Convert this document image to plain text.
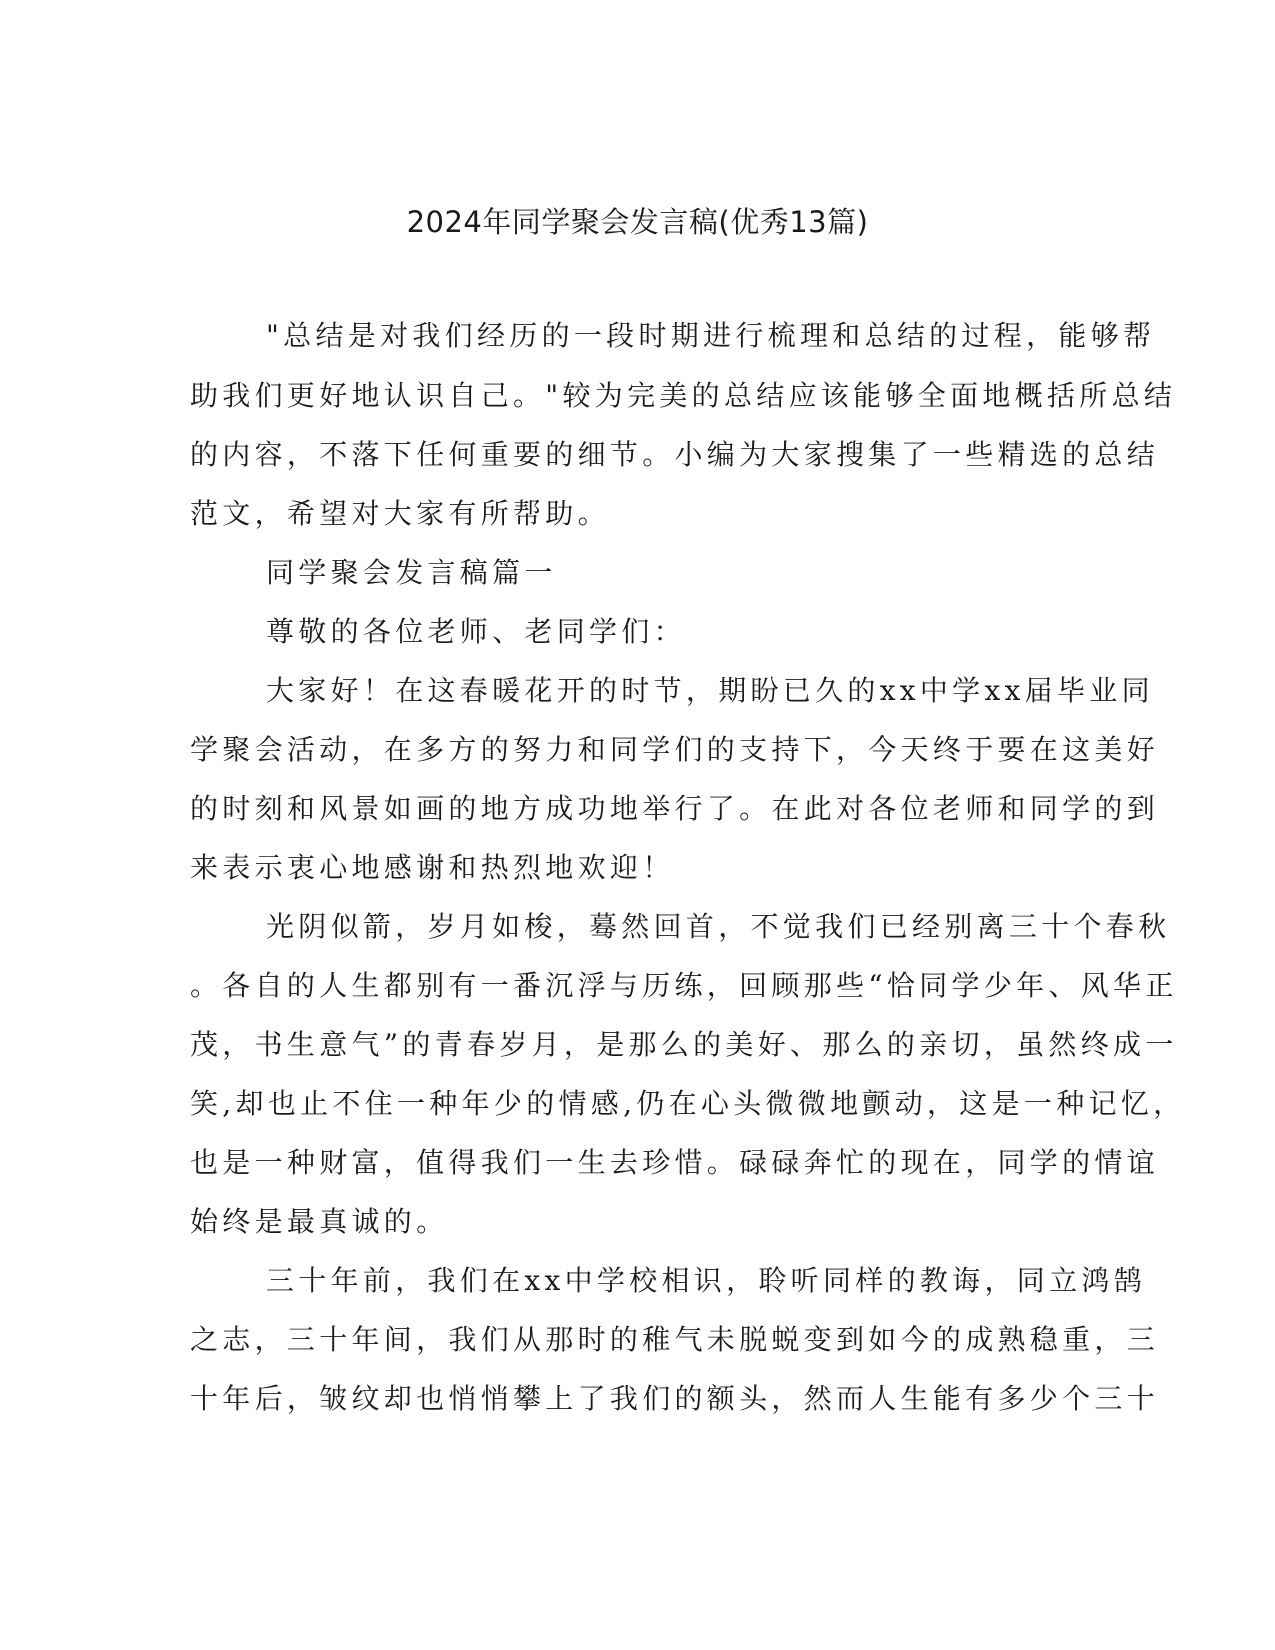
2024年同学聚会发言稿(优秀13篇)

"总结是对我们经历的一段时期进行梳理和总结的过程，能够帮

助我们更好地认识自己。"较为完美的总结应该能够全面地概括所总结

的内容，不落下任何重要的细节。小编为大家搜集了一些精选的总结

范文，希望对大家有所帮助。

同学聚会发言稿篇一

尊敬的各位老师、老同学们：

大家好！在这春暖花开的时节，期盼已久的xx中学xx届毕业同

学聚会活动，在多方的努力和同学们的支持下，今天终于要在这美好

的时刻和风景如画的地方成功地举行了。在此对各位老师和同学的到

来表示衷心地感谢和热烈地欢迎！

光阴似箭，岁月如梭，蓦然回首，不觉我们已经别离三十个春秋

。各自的人生都别有一番沉浮与历练，回顾那些“恰同学少年、风华正

茂，书生意气”的青春岁月，是那么的美好、那么的亲切，虽然终成一

笑,却也止不住一种年少的情感,仍在心头微微地颤动，这是一种记忆，

也是一种财富，值得我们一生去珍惜。碌碌奔忙的现在，同学的情谊

始终是最真诚的。

三十年前，我们在xx中学校相识，聆听同样的教诲，同立鸿鹄

之志，三十年间，我们从那时的稚气未脱蜕变到如今的成熟稳重，三

十年后，皱纹却也悄悄攀上了我们的额头，然而人生能有多少个三十
